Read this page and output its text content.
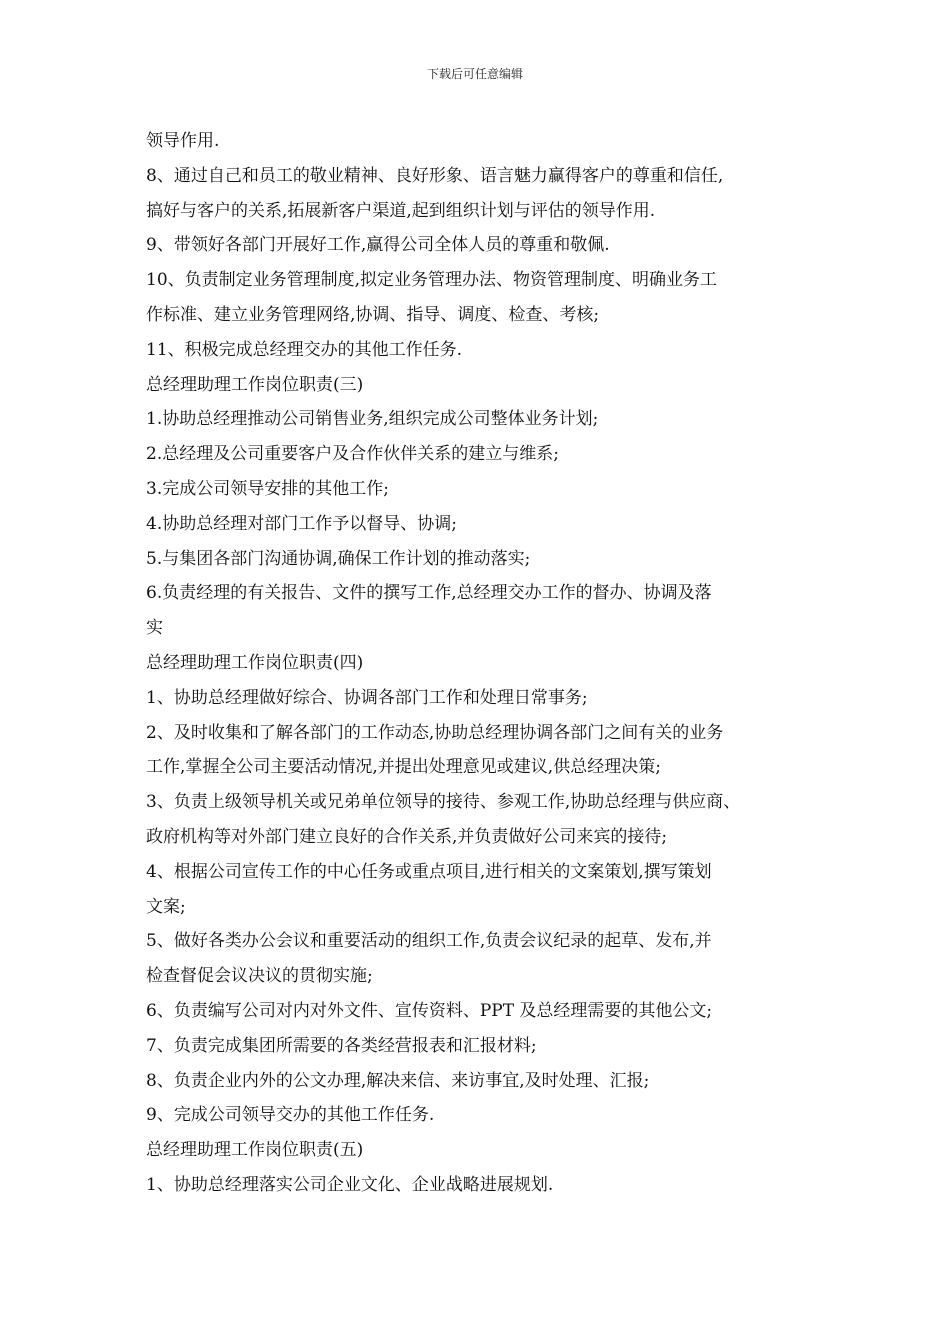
下载后可任意编辑
领导作用.
8、通过自己和员工的敬业精神、良好形象、语言魅力赢得客户的尊重和信任,
搞好与客户的关系,拓展新客户渠道,起到组织计划与评估的领导作用.
9、带领好各部门开展好工作,赢得公司全体人员的尊重和敬佩.
10、负责制定业务管理制度,拟定业务管理办法、物资管理制度、明确业务工
作标准、建立业务管理网络,协调、指导、调度、检查、考核;
11、积极完成总经理交办的其他工作任务.
总经理助理工作岗位职责(三)
1.协助总经理推动公司销售业务,组织完成公司整体业务计划;
2.总经理及公司重要客户及合作伙伴关系的建立与维系;
3.完成公司领导安排的其他工作;
4.协助总经理对部门工作予以督导、协调;
5.与集团各部门沟通协调,确保工作计划的推动落实;
6.负责经理的有关报告、文件的撰写工作,总经理交办工作的督办、协调及落
实
总经理助理工作岗位职责(四)
1、协助总经理做好综合、协调各部门工作和处理日常事务;
2、及时收集和了解各部门的工作动态,协助总经理协调各部门之间有关的业务
工作,掌握全公司主要活动情况,并提出处理意见或建议,供总经理决策;
3、负责上级领导机关或兄弟单位领导的接待、参观工作,协助总经理与供应商、
政府机构等对外部门建立良好的合作关系,并负责做好公司来宾的接待;
4、根据公司宣传工作的中心任务或重点项目,进行相关的文案策划,撰写策划
文案;
5、做好各类办公会议和重要活动的组织工作,负责会议纪录的起草、发布,并
检查督促会议决议的贯彻实施;
6、负责编写公司对内对外文件、宣传资料、PPT 及总经理需要的其他公文;
7、负责完成集团所需要的各类经营报表和汇报材料;
8、负责企业内外的公文办理,解决来信、来访事宜,及时处理、汇报;
9、完成公司领导交办的其他工作任务.
总经理助理工作岗位职责(五)
1、协助总经理落实公司企业文化、企业战略进展规划.
